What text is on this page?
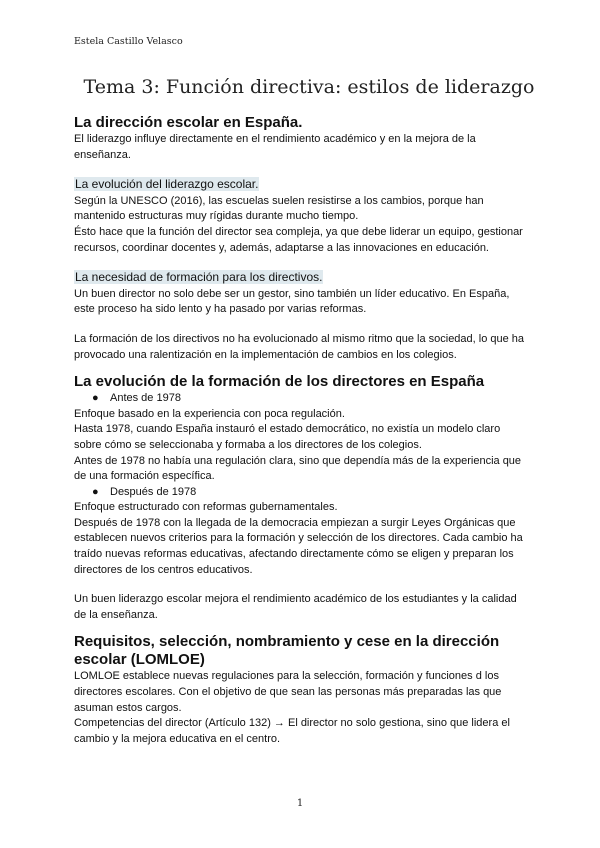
Estela Castillo Velasco
Tema 3: Función directiva: estilos de liderazgo
La dirección escolar en España.

El liderazgo influye directamente en el rendimiento académico y en la mejora de la enseñanza.

La evolución del liderazgo escolar.

Según la UNESCO (2016), las escuelas suelen resistirse a los cambios, porque han mantenido estructuras muy rígidas durante mucho tiempo.

Ésto hace que la función del director sea compleja, ya que debe liderar un equipo, gestionar recursos, coordinar docentes y, además, adaptarse a las innovaciones en educación.

La necesidad de formación para los directivos.

Un buen director no solo debe ser un gestor, sino también un líder educativo. En España, este proceso ha sido lento y ha pasado por varias reformas.

La formación de los directivos no ha evolucionado al mismo ritmo que la sociedad, lo que ha provocado una ralentización en la implementación de cambios en los colegios.

La evolución de la formación de los directores en España

● Antes de 1978

Enfoque basado en la experiencia con poca regulación.

Hasta 1978, cuando España instauró el estado democrático, no existía un modelo claro sobre cómo se seleccionaba y formaba a los directores de los colegios.

Antes de 1978 no había una regulación clara, sino que dependía más de la experiencia que de una formación específica.

● Después de 1978

Enfoque estructurado con reformas gubernamentales.

Después de 1978 con la llegada de la democracia empiezan a surgir Leyes Orgánicas que establecen nuevos criterios para la formación y selección de los directores. Cada cambio ha traído nuevas reformas educativas, afectando directamente cómo se eligen y preparan los directores de los centros educativos.

Un buen liderazgo escolar mejora el rendimiento académico de los estudiantes y la calidad de la enseñanza.

Requisitos, selección, nombramiento y cese en la dirección escolar (LOMLOE)

LOMLOE establece nuevas regulaciones para la selección, formación y funciones d los directores escolares. Con el objetivo de que sean las personas más preparadas las que asuman estos cargos.

Competencias del director (Artículo 132) → El director no solo gestiona, sino que lidera el cambio y la mejora educativa en el centro.

1
